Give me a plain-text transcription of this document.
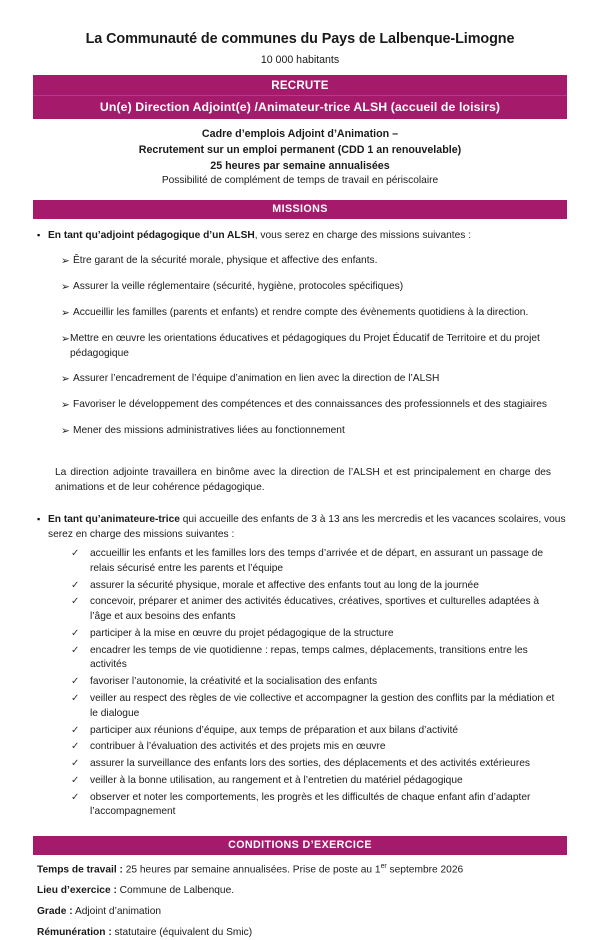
La Communauté de communes du Pays de Lalbenque-Limogne
10 000 habitants
RECRUTE
Un(e) Direction Adjoint(e) /Animateur-trice ALSH (accueil de loisirs)
Cadre d’emplois Adjoint d’Animation –
Recrutement sur un emploi permanent (CDD 1 an renouvelable)
25 heures par semaine annualisées
Possibilité de complément de temps de travail en périscolaire
MISSIONS
▪ En tant qu’adjoint pédagogique d’un ALSH, vous serez en charge des missions suivantes :
➢ Être garant de la sécurité morale, physique et affective des enfants.
➢ Assurer la veille réglementaire (sécurité, hygiène, protocoles spécifiques)
➢ Accueillir les familles (parents et enfants) et rendre compte des évènements quotidiens à la direction.
➢ Mettre en œuvre les orientations éducatives et pédagogiques du Projet Éducatif de Territoire et du projet pédagogique
➢ Assurer l’encadrement de l’équipe d’animation en lien avec la direction de l’ALSH
➢ Favoriser le développement des compétences et des connaissances des professionnels et des stagiaires
➢ Mener des missions administratives liées au fonctionnement
La direction adjointe travaillera en binôme avec la direction de l’ALSH et est principalement en charge des animations et de leur cohérence pédagogique.
▪ En tant qu’animateure-trice qui accueille des enfants de 3 à 13 ans les mercredis et les vacances scolaires, vous serez en charge des missions suivantes :
✓	accueillir les enfants et les familles lors des temps d’arrivée et de départ, en assurant un passage de relais sécurisé entre les parents et l’équipe
✓	assurer la sécurité physique, morale et affective des enfants tout au long de la journée
✓	concevoir, préparer et animer des activités éducatives, créatives, sportives et culturelles adaptées à l’âge et aux besoins des enfants
✓	participer à la mise en œuvre du projet pédagogique de la structure
✓	encadrer les temps de vie quotidienne : repas, temps calmes, déplacements, transitions entre les activités
✓	favoriser l’autonomie, la créativité et la socialisation des enfants
✓	veiller au respect des règles de vie collective et accompagner la gestion des conflits par la médiation et le dialogue
✓	participer aux réunions d’équipe, aux temps de préparation et aux bilans d’activité
✓	contribuer à l’évaluation des activités et des projets mis en œuvre
✓	assurer la surveillance des enfants lors des sorties, des déplacements et des activités extérieures
✓	veiller à la bonne utilisation, au rangement et à l’entretien du matériel pédagogique
✓	observer et noter les comportements, les progrès et les difficultés de chaque enfant afin d’adapter l’accompagnement
CONDITIONS D’EXERCICE
Temps de travail : 25 heures par semaine annualisées. Prise de poste au 1er septembre 2026
Lieu d’exercice : Commune de Lalbenque.
Grade : Adjoint d’animation
Rémunération : statutaire (équivalent du Smic)
